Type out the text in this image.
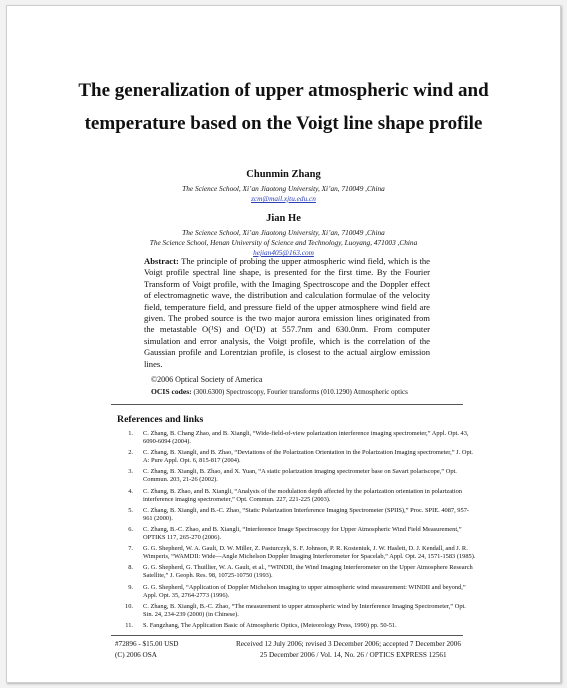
The generalization of upper atmospheric wind and temperature based on the Voigt line shape profile
Chunmin Zhang
The Science School, Xi’an Jiaotong University, Xi’an, 710049 ,China
zcm@mail.xjtu.edu.cn
Jian He
The Science School, Xi’an Jiaotong University, Xi’an, 710049 ,China
The Science School, Henan University of Science and Technology, Luoyang, 471003 ,China
hejian405@163.com
Abstract: The principle of probing the upper atmospheric wind field, which is the Voigt profile spectral line shape, is presented for the first time. By the Fourier Transform of Voigt profile, with the Imaging Spectroscope and the Doppler effect of electromagnetic wave, the distribution and calculation formulae of the velocity field, temperature field, and pressure field of the upper atmosphere wind field are given. The probed source is the two major aurora emission lines originated from the metastable O(¹S) and O(¹D) at 557.7nm and 630.0nm. From computer simulation and error analysis, the Voigt profile, which is the correlation of the Gaussian profile and Lorentzian profile, is closest to the actual airglow emission lines.
©2006 Optical Society of America
OCIS codes: (300.6300) Spectroscopy, Fourier transforms (010.1290) Atmospheric optics
References and links
1. C. Zhang, B. Chang Zhao, and B. Xiangli, “Wide-field-of-view polarization interference imaging spectrometer,” Appl. Opt. 43, 6090-6094 (2004).
2. C. Zhang, B. Xiangli, and B. Zhao, “Deviations of the Polarization Orientation in the Polarization Imaging spectrometer,” J. Opt. A: Pure Appl. Opt. 6, 815-817 (2004).
3. C. Zhang, B. Xiangli, B. Zhao, and X. Yuan, “A static polarization imaging spectrometer base on Savart polariscope,” Opt. Commun. 203, 21-26 (2002).
4. C. Zhang, B. Zhao, and B. Xiangli, “Analysis of the modulation depth affected by the polarization orientation in polarization interference imaging spectrometer,” Opt. Commun. 227, 221-225 (2003).
5. C. Zhang, B. Xiangli, and B.-C. Zhao, “Static Polarization Interference Imaging Spectrometer (SPIIS),” Proc. SPIE. 4087, 957-961 (2000).
6. C. Zhang, B.-C. Zhao, and B. Xiangli, “Interference Image Spectroscopy for Upper Atmospheric Wind Field Measurement,” OPTIKS 117, 265-270 (2006).
7. G. G. Shepherd, W. A. Gault, D. W. Miller, Z. Pasturczyk, S. F. Johnson, P. R. Kosteniuk, J. W. Haslett, D. J. Kendall, and J. R. Wimperis, “WAMDII: Wide—Angle Michelson Doppler Imaging Interferometer for Spacelab,” Appl. Opt. 24, 1571-1583 (1985).
8. G. G. Shepherd, G. Thuillier, W. A. Gault, et al., “WINDII, the Wind Imaging Interferometer on the Upper Atmosphere Research Satellite,” J. Geoph. Res. 98, 10725-10750 (1993).
9. G. G. Shepherd, “Application of Doppler Michelson imaging to upper atmospheric wind measurement: WINDII and beyond,” Appl. Opt. 35, 2764-2773 (1996).
10. C. Zhang, B. Xiangli, B.-C. Zhao, “The measurement to upper atmospheric wind by Interference Imaging Spectrometer,” Opt. Sin. 24, 234-239 (2000) (in Chinese).
11. S. Fangzhang, The Application Basic of Atmospheric Optics, (Meteorology Press, 1990) pp. 50-51.
#72896 - $15.00 USD	Received 12 July 2006; revised 3 December 2006; accepted 7 December 2006
(C) 2006 OSA	25 December 2006 / Vol. 14, No. 26 / OPTICS EXPRESS 12561
